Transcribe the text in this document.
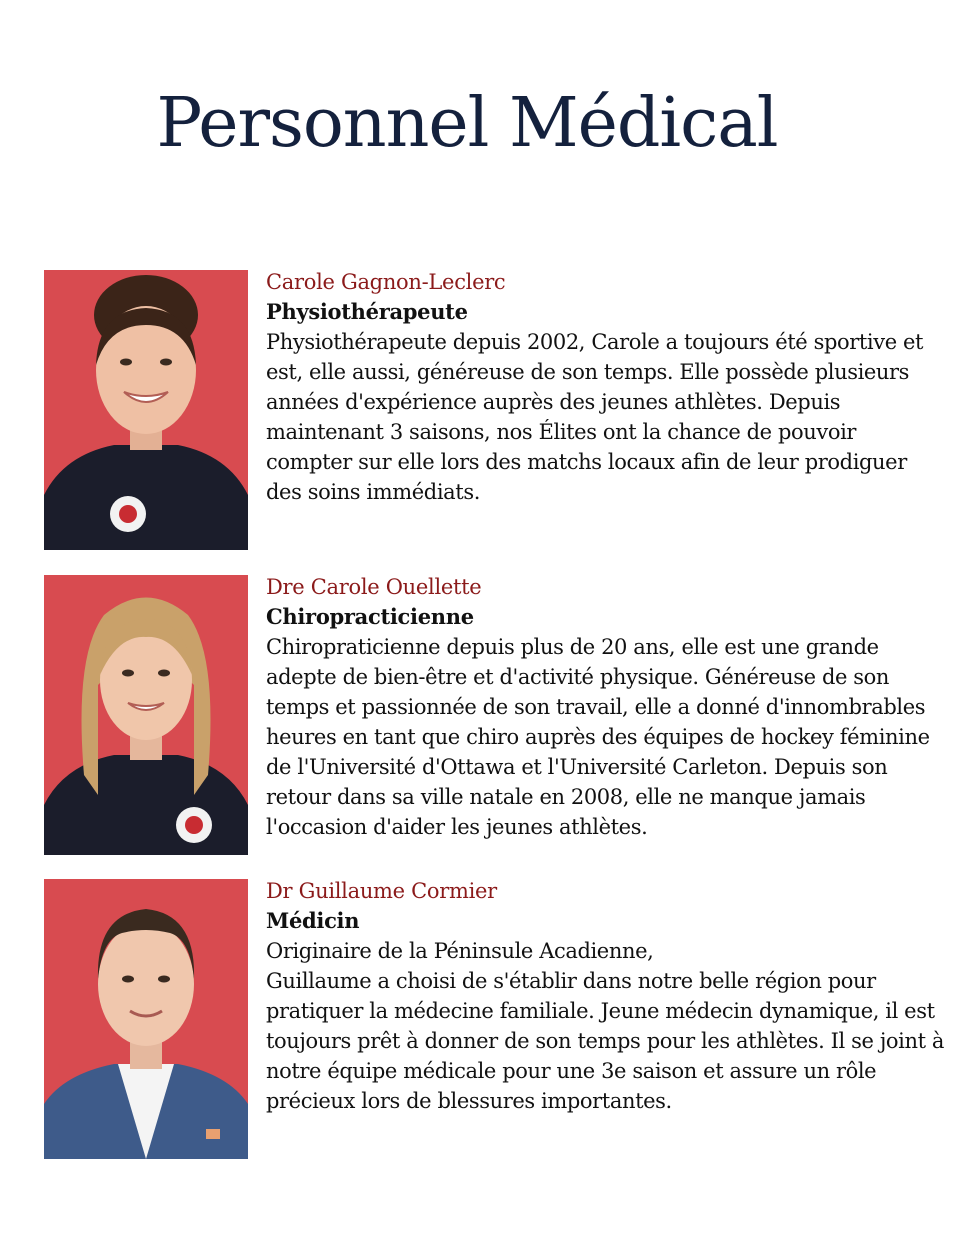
Personnel Médical
Carole Gagnon-Leclerc
Physiothérapeute
Physiothérapeute depuis 2002, Carole a toujours été sportive et est, elle aussi, généreuse de son temps. Elle possède plusieurs années d'expérience auprès des jeunes athlètes. Depuis maintenant 3 saisons, nos Élites ont la chance de pouvoir compter sur elle lors des matchs locaux afin de leur prodiguer des soins immédiats.
Dre Carole Ouellette
Chiropracticienne
Chiropraticienne depuis plus de 20 ans, elle est une grande adepte de bien-être et d'activité physique. Généreuse de son temps et passionnée de son travail, elle a donné d'innombrables heures en tant que chiro auprès des équipes de hockey féminine de l'Université d'Ottawa et l'Université Carleton. Depuis son retour dans sa ville natale en 2008, elle ne manque jamais l'occasion d'aider les jeunes athlètes.
Dr Guillaume Cormier
Médicin
Originaire de la Péninsule Acadienne,
Guillaume a choisi de s'établir dans notre belle région pour pratiquer la médecine familiale. Jeune médecin dynamique, il est toujours prêt à donner de son temps pour les athlètes. Il se joint à notre équipe médicale pour une 3e saison et assure un rôle précieux lors de blessures importantes.
